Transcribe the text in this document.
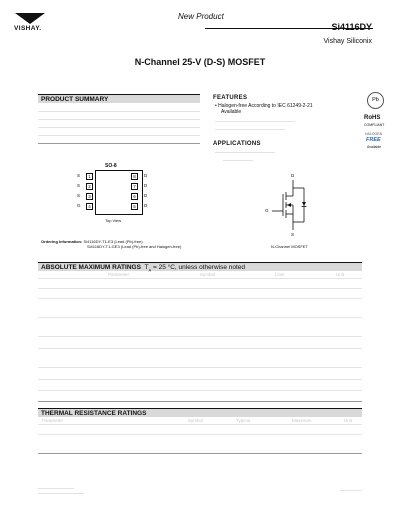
VISHAY.
New Product
Si4116DY
Vishay Siliconix
N-Channel 25-V (D-S) MOSFET
PRODUCT SUMMARY	FEATURES
• Halogen-free According to IEC 61249-2-21
Available
APPLICATIONS
Pb
RoHS
COMPLIANT
HALOGEN
FREE
Available
SO-8
S
S
S
G
1
2
3
4
8
7
6
5
D
D
D
D
Top View
Ordering Information: Si4116DY-T1-E3 (Lead (Pb)-free)
Si4116DY-T1-GE3 (Lead (Pb)-free and Halogen-free)
D
G
S
N-Channel MOSFET
ABSOLUTE MAXIMUM RATINGS $T_A = 25$ °C, unless otherwise noted
Parameter	Symbol	Limit	Unit
THERMAL RESISTANCE RATINGS
Parameter	Symbol	Typical	Maximum	Unit
